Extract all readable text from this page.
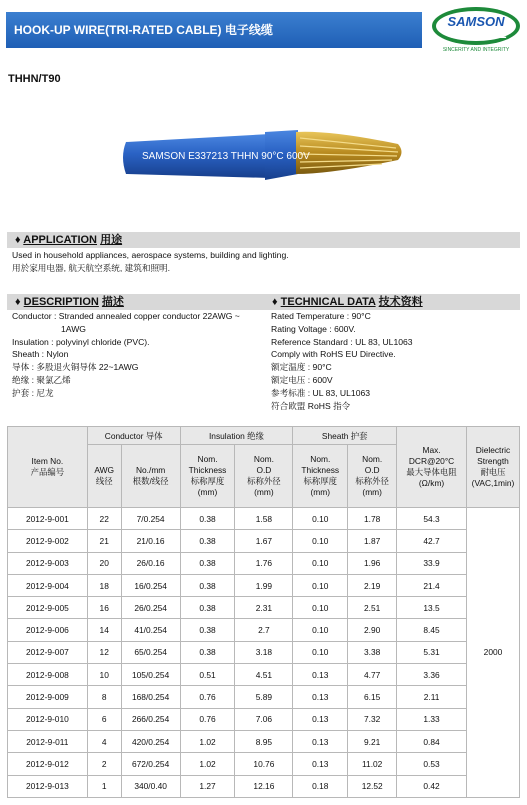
HOOK-UP WIRE(TRI-RATED CABLE) 电子线缆
SAMSON
CABLE
SINCERITY AND INTEGRITY
THHN/T90
SAMSON E337213 THHN 90°C 600V
♦ APPLICATION 用途
Used in household appliances, aerospace systems, building and lighting.
用於家用电器, 航天航空系统, 建筑和照明.
♦ DESCRIPTION 描述
Conductor : Stranded annealed copper conductor 22AWG ~
1AWG
Insulation : polyvinyl chloride (PVC).
Sheath : Nylon
导体 : 多股退火铜导体 22~1AWG
绝缘 : 聚氯乙烯
护套 : 尼龙
♦ TECHNICAL DATA 技术资料
Rated Temperature : 90°C
Rating Voltage : 600V.
Reference Standard : UL 83, UL1063
Comply with RoHS EU Directive.
额定温度 : 90°C
额定电压 : 600V
参考标准 : UL 83, UL1063
符合欧盟 RoHS 指令
Item No.
产品编号	Conductor 导体		Insulation 绝缘		Sheath 护套		Max.
DCR@20°C
最大导体电阻
(Ω/km)	Dielectric
Strength
耐电压
(VAC,1min)

	AWG
线径	No./mm
根数/线径	Nom.
Thickness
标称厚度
(mm)	Nom.
O.D
标称外径
(mm)	Nom.
Thickness
标称厚度
(mm)	Nom.
O.D
标称外径
(mm)		

2012-9-001	22	7/0.254	0.38	1.58	0.10	1.78	54.3	2000
2012-9-002	21	21/0.16	0.38	1.67	0.10	1.87	42.7	
2012-9-003	20	26/0.16	0.38	1.76	0.10	1.96	33.9	
2012-9-004	18	16/0.254	0.38	1.99	0.10	2.19	21.4	
2012-9-005	16	26/0.254	0.38	2.31	0.10	2.51	13.5	
2012-9-006	14	41/0.254	0.38	2.7	0.10	2.90	8.45	
2012-9-007	12	65/0.254	0.38	3.18	0.10	3.38	5.31	
2012-9-008	10	105/0.254	0.51	4.51	0.13	4.77	3.36	
2012-9-009	8	168/0.254	0.76	5.89	0.13	6.15	2.11	
2012-9-010	6	266/0.254	0.76	7.06	0.13	7.32	1.33	
2012-9-011	4	420/0.254	1.02	8.95	0.13	9.21	0.84	
2012-9-012	2	672/0.254	1.02	10.76	0.13	11.02	0.53	
2012-9-013	1	340/0.40	1.27	12.16	0.18	12.52	0.42	
